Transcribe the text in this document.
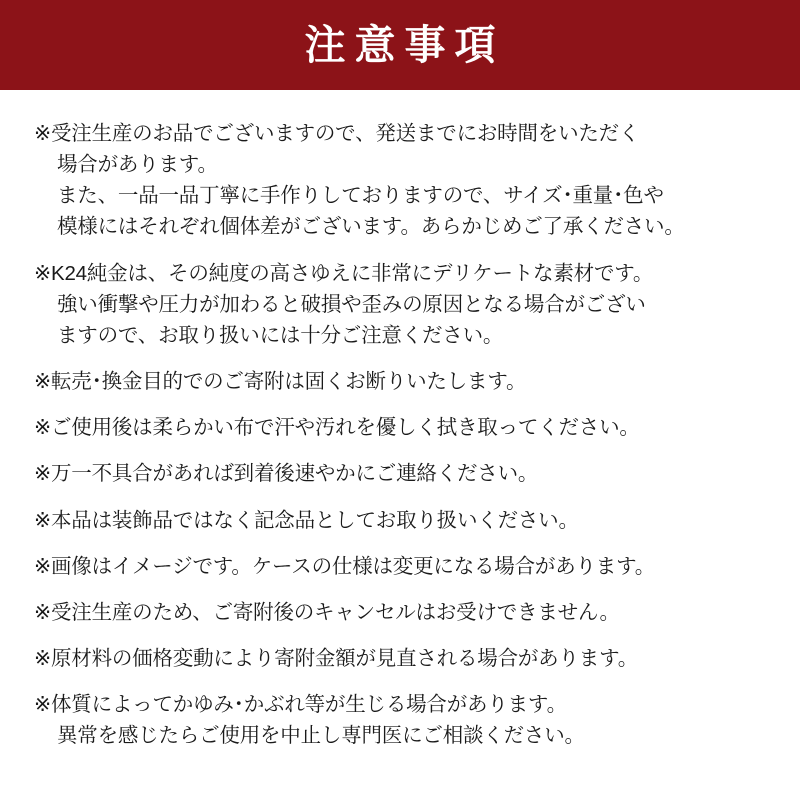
注意事項
※受注生産のお品でございますので、発送までにお時間をいただく
場合があります。
また、一品一品丁寧に手作りしておりますので、サイズ･重量･色や
模様にはそれぞれ個体差がございます。あらかじめご了承ください。
※K24純金は、その純度の高さゆえに非常にデリケートな素材です。
強い衝撃や圧力が加わると破損や歪みの原因となる場合がござい
ますので、お取り扱いには十分ご注意ください。
※転売･換金目的でのご寄附は固くお断りいたします。
※ご使用後は柔らかい布で汗や汚れを優しく拭き取ってください。
※万一不具合があれば到着後速やかにご連絡ください。
※本品は装飾品ではなく記念品としてお取り扱いください。
※画像はイメージです。ケースの仕様は変更になる場合があります。
※受注生産のため、ご寄附後のキャンセルはお受けできません。
※原材料の価格変動により寄附金額が見直される場合があります。
※体質によってかゆみ･かぶれ等が生じる場合があります。
異常を感じたらご使用を中止し専門医にご相談ください。
